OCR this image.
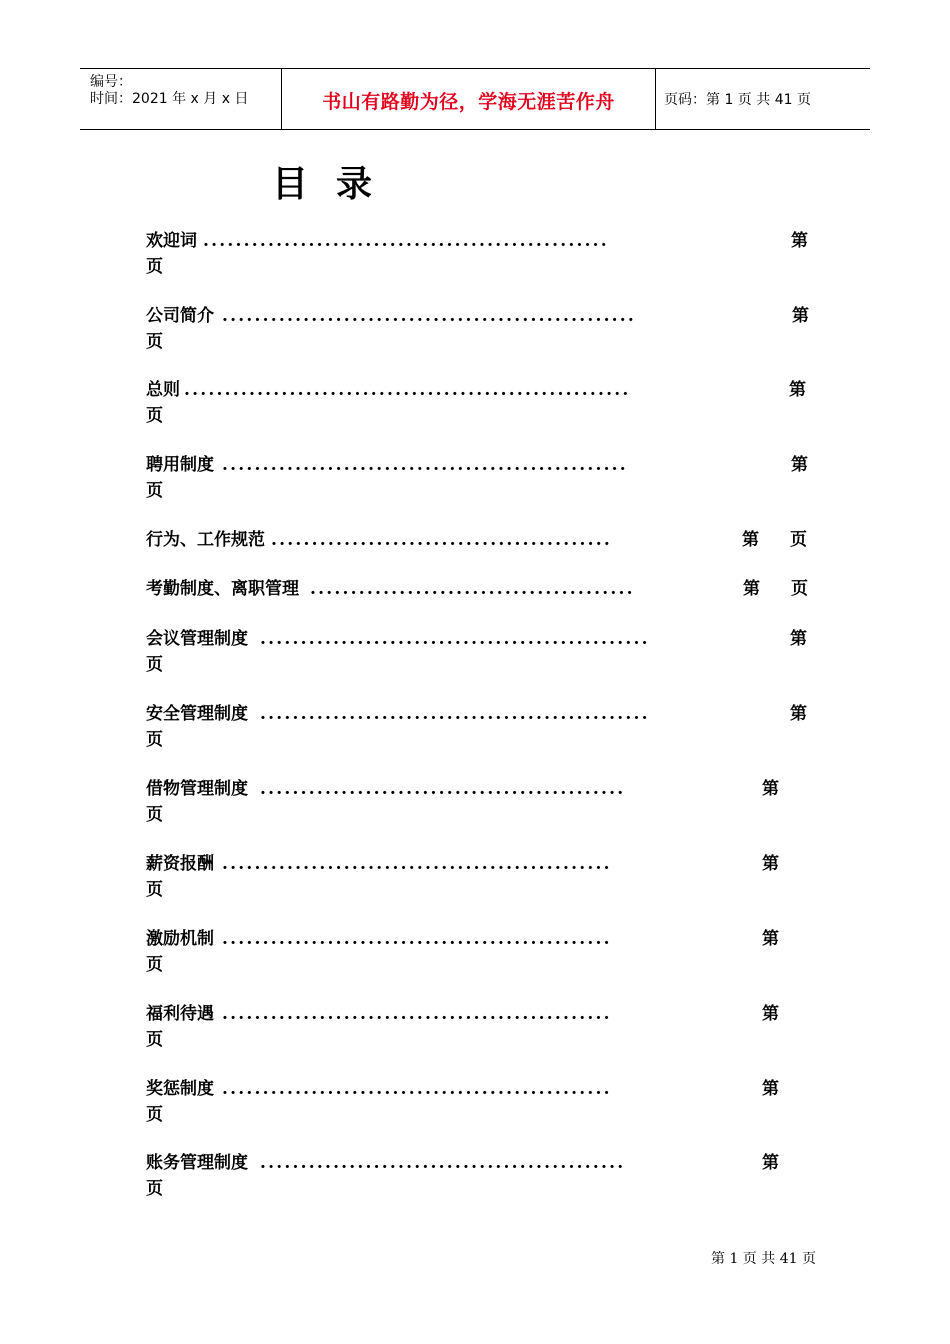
编号：
时间：2021 年 x 月 x 日	书山有路勤为径，学海无涯苦作舟	页码：第 1 页 共 41 页
目录
欢迎词 ..................................................	第
页
公司简介 ...................................................	第
页
总则 .......................................................	第
页
聘用制度 ..................................................	第
页
行为、工作规范 ..........................................	第 页
考勤制度、离职管理 ........................................	第 页
会议管理制度 ................................................	第
页
安全管理制度 ................................................	第
页
借物管理制度 .............................................	第
页
薪资报酬 ................................................	第
页
激励机制 ................................................	第
页
福利待遇 ................................................	第
页
奖惩制度 ................................................	第
页
账务管理制度 .............................................	第
页
第 1 页 共 41 页
